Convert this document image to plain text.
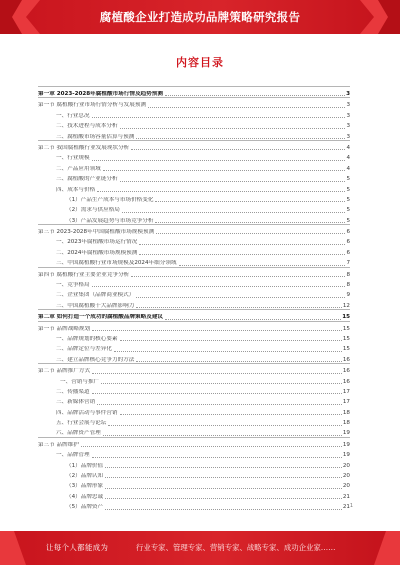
腐植酸企业打造成功品牌策略研究报告
内容目录
第一章 2023-2028年腐植酸市场行情及趋势预测	3
第一节 腐植酸行业市场行情分析与发展预测	3
一、行业总况	3
二、技术进程与成本分析	3
三、腐植酸市场容量估算与预测	3
第二节 我国腐植酸行业发展现状分析	4
一、行业规模	4
二、产品应用领域	4
三、腐植酸的产业链分析	5
四、成本与价格	5
（1）产品生产成本与市场价格变化	5
（2）需求与供应格局	5
（3）产品发展趋势与市场竞争分析	5
第三节 2023-2028年中国腐植酸市场规模预测	6
一、2023年腐植酸市场运行情况	6
二、2024年腐植酸市场规模预测	6
三、中国腐植酸行业市场规模及2024年细分领域	7
第四节 腐植酸行业主要企业竞争分析	8
一、竞争格局	8
二、企业集团（品牌商业模式）	9
三、中国腐植酸十大品牌影响力	12
第二章 如何打造一个成功的腐植酸品牌策略及建议	15
第一节 品牌战略规划	15
一、品牌规划的核心要素	15
二、品牌定位与差异化	15
三、建立品牌核心竞争力的方法	16
第二节 品牌推广方式	16
一、营销与推广	16
二、传播渠道	17
三、新媒体营销	17
四、品牌活动与事件营销	18
五、行业会展与论坛	18
六、品牌资产管理	19
第三节 品牌维护	19
一、品牌管理	19
（1）品牌价值	20
（2）品牌认知	20
（3）品牌形象	20
（4）品牌忠诚	21
（5）品牌资产	21 1
让每个人都能成为	行业专家、管理专家、营销专家、战略专家、成功企业家……
